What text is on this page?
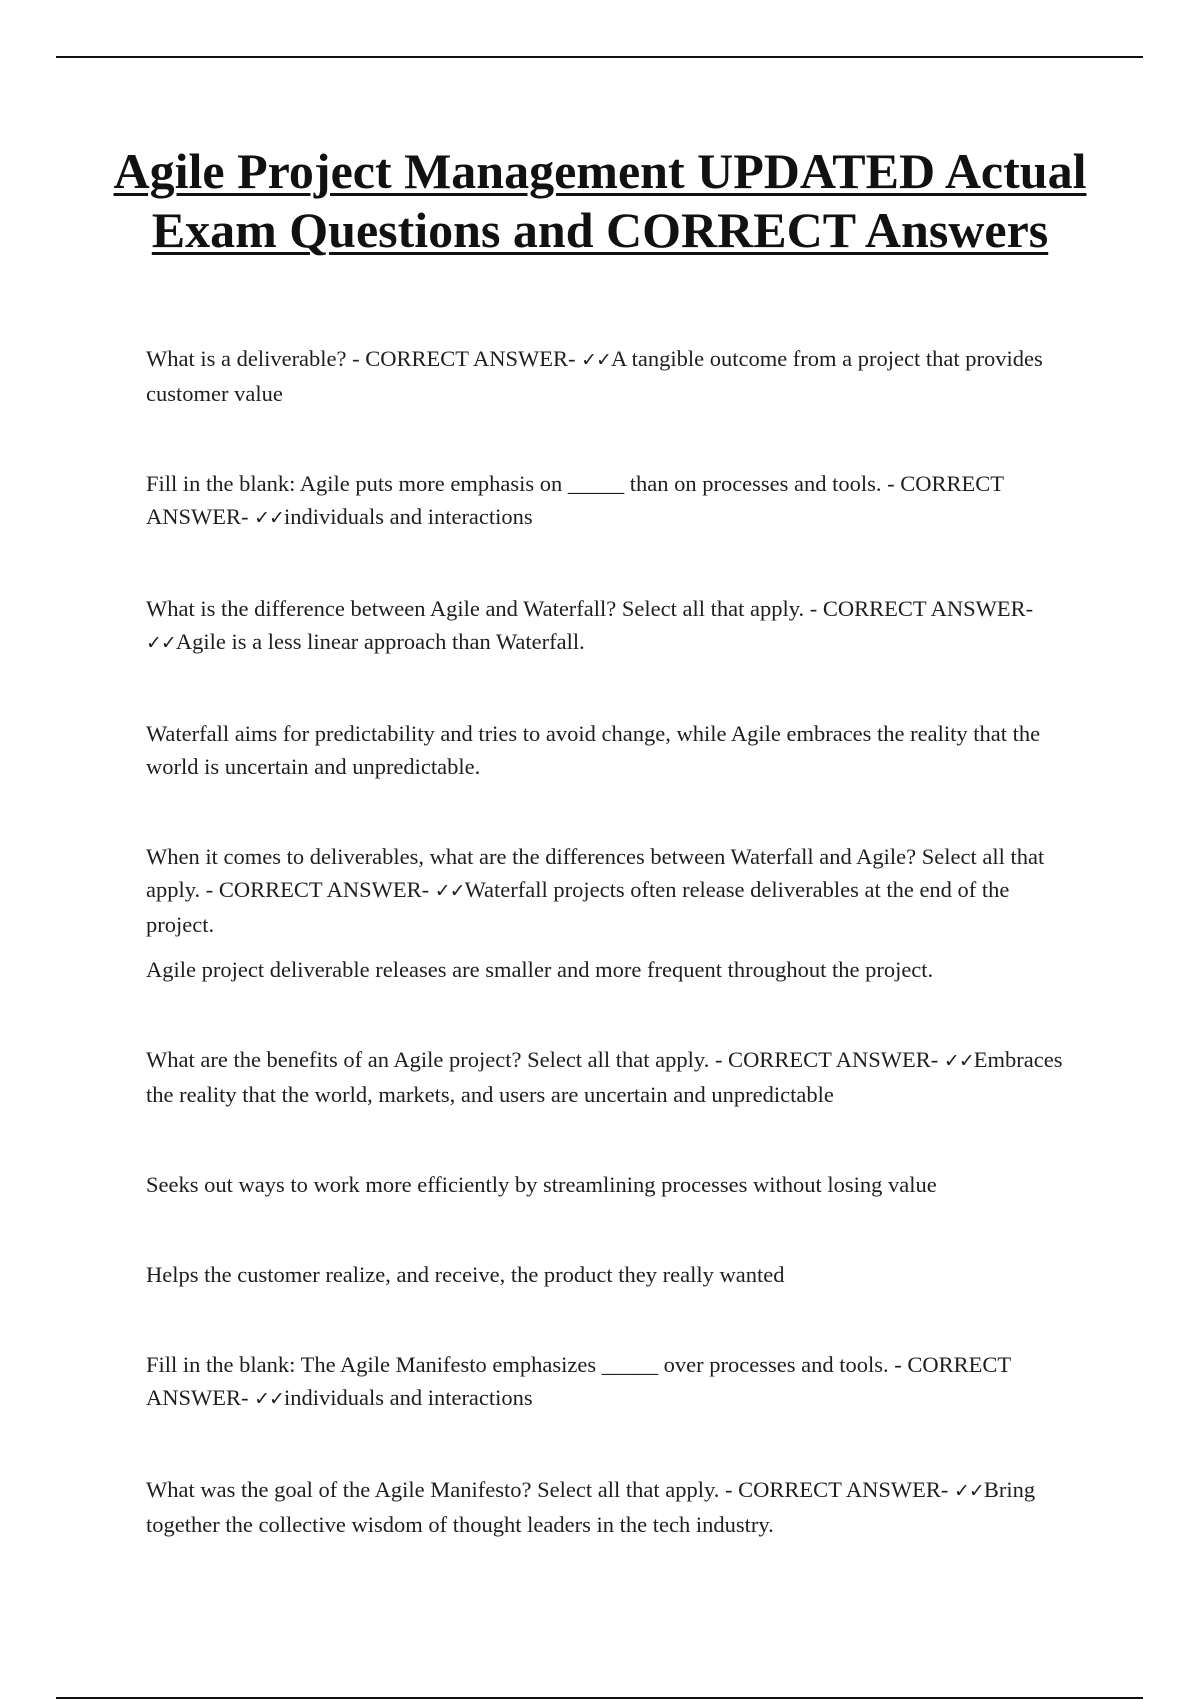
Agile Project Management UPDATED Actual Exam Questions and CORRECT Answers

What is a deliverable? - CORRECT ANSWER- ✓✓A tangible outcome from a project that provides customer value

Fill in the blank: Agile puts more emphasis on _____ than on processes and tools. - CORRECT ANSWER- ✓✓individuals and interactions

What is the difference between Agile and Waterfall? Select all that apply. - CORRECT ANSWER- ✓✓Agile is a less linear approach than Waterfall.

Waterfall aims for predictability and tries to avoid change, while Agile embraces the reality that the world is uncertain and unpredictable.

When it comes to deliverables, what are the differences between Waterfall and Agile? Select all that apply. - CORRECT ANSWER- ✓✓Waterfall projects often release deliverables at the end of the project.

Agile project deliverable releases are smaller and more frequent throughout the project.

What are the benefits of an Agile project? Select all that apply. - CORRECT ANSWER- ✓✓Embraces the reality that the world, markets, and users are uncertain and unpredictable

Seeks out ways to work more efficiently by streamlining processes without losing value

Helps the customer realize, and receive, the product they really wanted

Fill in the blank: The Agile Manifesto emphasizes _____ over processes and tools. - CORRECT ANSWER- ✓✓individuals and interactions

What was the goal of the Agile Manifesto? Select all that apply. - CORRECT ANSWER- ✓✓Bring together the collective wisdom of thought leaders in the tech industry.
